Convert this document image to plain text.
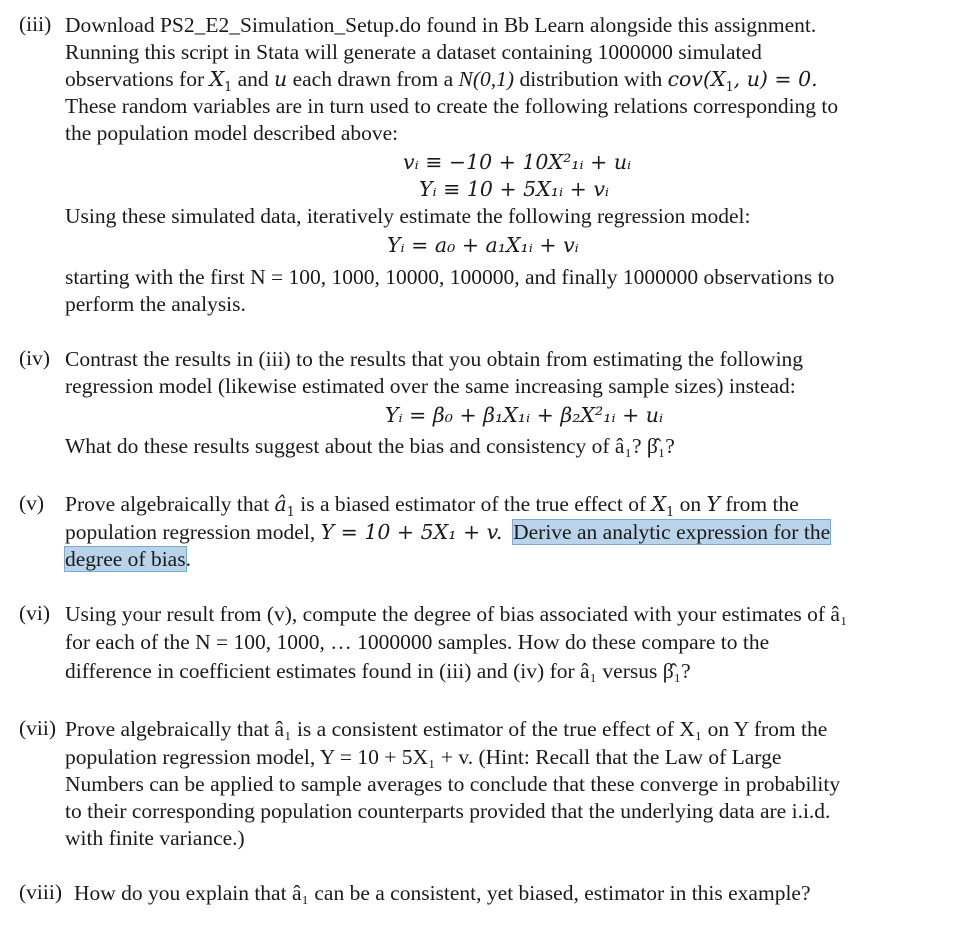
(iii) Download PS2_E2_Simulation_Setup.do found in Bb Learn alongside this assignment.
Running this script in Stata will generate a dataset containing 1000000 simulated
observations for $X_1$ and u each drawn from a N(0,1) distribution with $cov(X_1$, u) = 0.
These random variables are in turn used to create the following relations corresponding to
the population model described above:
vᵢ ≡ −10 + 10X²₁ᵢ + uᵢ
Yᵢ ≡ 10 + 5X₁ᵢ + vᵢ
Using these simulated data, iteratively estimate the following regression model:
Yᵢ = a₀ + a₁X₁ᵢ + vᵢ
starting with the first N = 100, 1000, 10000, 100000, and finally 1000000 observations to
perform the analysis.
(iv) Contrast the results in (iii) to the results that you obtain from estimating the following
regression model (likewise estimated over the same increasing sample sizes) instead:
Yᵢ = β₀ + β₁X₁ᵢ + β₂X²₁ᵢ + uᵢ
What do these results suggest about the bias and consistency of â₁? β̂₁?
(v) Prove algebraically that $â_1$ is a biased estimator of the true effect of $X_1$ on Y from the
population regression model, Y = 10 + 5X₁ + v. Derive an analytic expression for the
degree of bias.
(vi) Using your result from (v), compute the degree of bias associated with your estimates of â₁
for each of the N = 100, 1000, … 1000000 samples. How do these compare to the
difference in coefficient estimates found in (iii) and (iv) for â₁ versus β̂₁?
(vii) Prove algebraically that â₁ is a consistent estimator of the true effect of X₁ on Y from the
population regression model, Y = 10 + 5X₁ + v. (Hint: Recall that the Law of Large
Numbers can be applied to sample averages to conclude that these converge in probability
to their corresponding population counterparts provided that the underlying data are i.i.d.
with finite variance.)
(viii) How do you explain that â₁ can be a consistent, yet biased, estimator in this example?
